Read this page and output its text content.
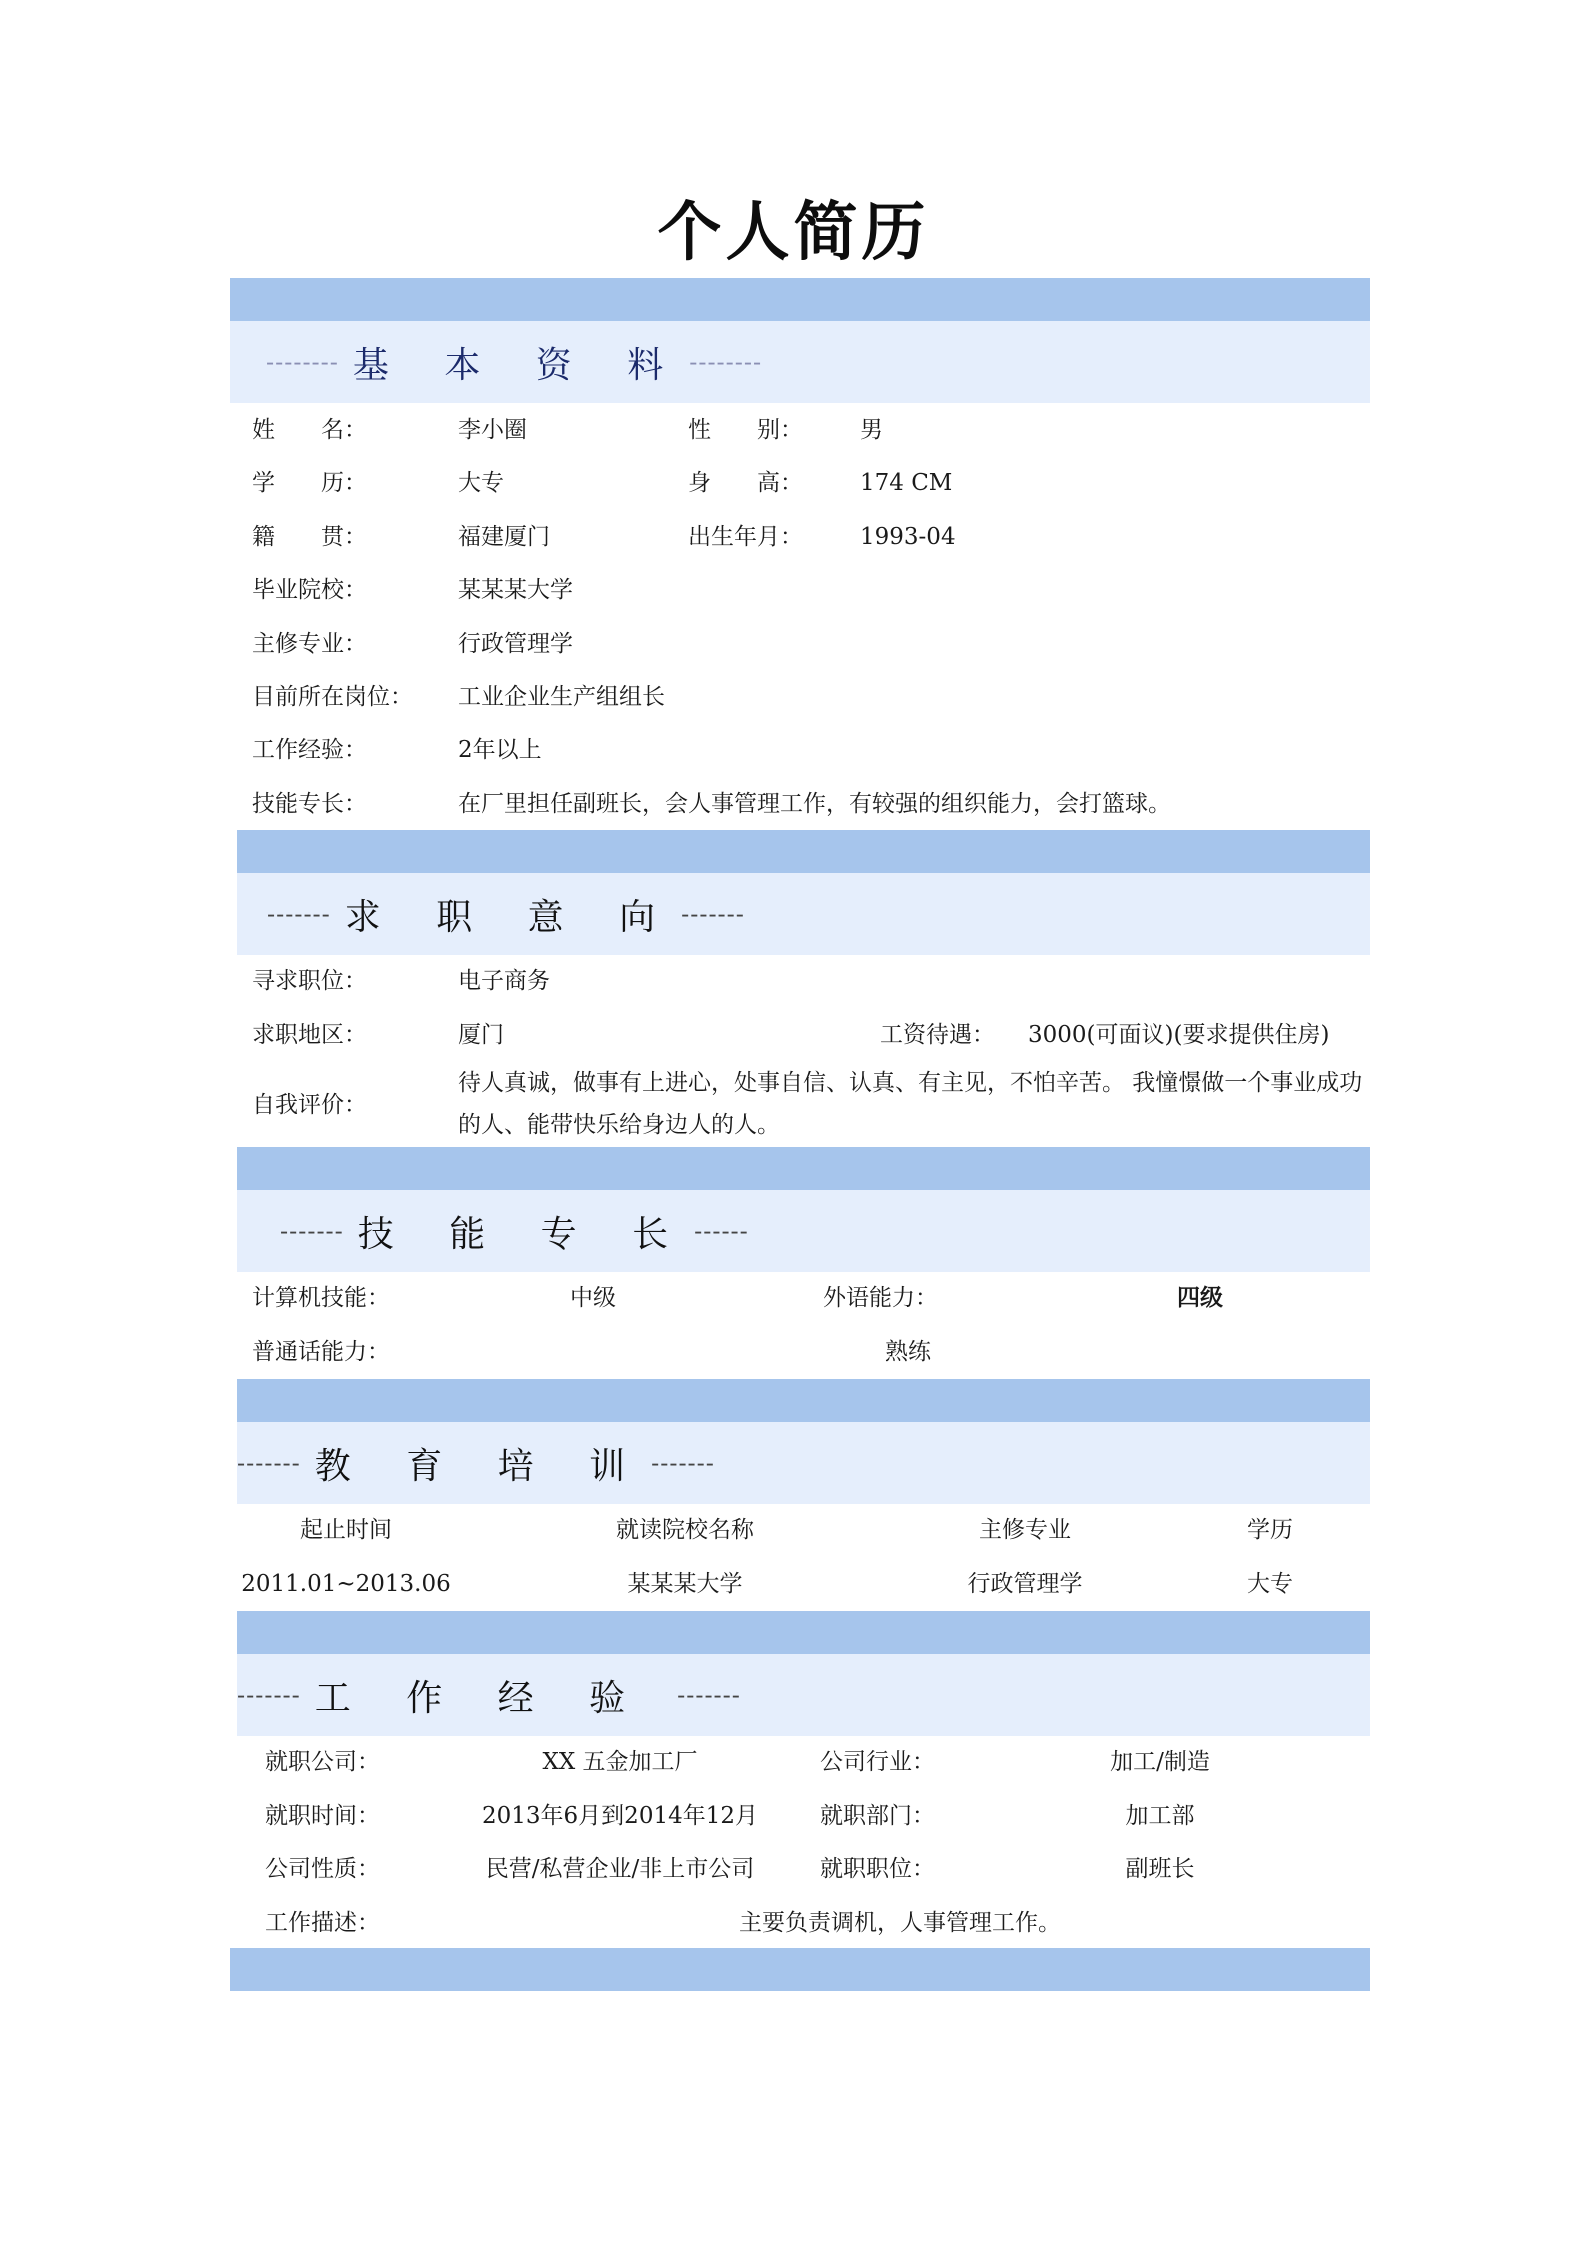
个人简历
-------- 基 本 资 料 --------
姓　　名：	李小圈	性　　别： 男
学　　历：	大专	身　　高： 174 CM
籍　　贯：	福建厦门	出生年月： 1993-04
毕业院校：	某某某大学
主修专业：	行政管理学
目前所在岗位： 工业企业生产组组长
工作经验：	2年以上
技能专长：	在厂里担任副班长，会人事管理工作，有较强的组织能力，会打篮球。
------- 求 职 意 向 -------
寻求职位：	电子商务
求职地区：	厦门	工资待遇： 3000(可面议)(要求提供住房)
自我评价：
待人真诚，做事有上进心，处事自信、认真、有主见，不怕辛苦。 我憧憬做一个事业成功的人、能带快乐给身边人的人。
------- 技 能 专 长 ------
计算机技能：	中级	外语能力：	四级
普通话能力：	熟练
------- 教 育 培 训 -------
起止时间	就读院校名称	主修专业	学历
2011.01~2013.06	某某某大学	行政管理学	大专
------- 工 作 经 验	-------
就职公司：	XX 五金加工厂	公司行业：	加工/制造
就职时间：	2013年6月到2014年12月	就职部门：	加工部
公司性质：	民营/私营企业/非上市公司	就职职位：	副班长
工作描述：	主要负责调机，人事管理工作。
